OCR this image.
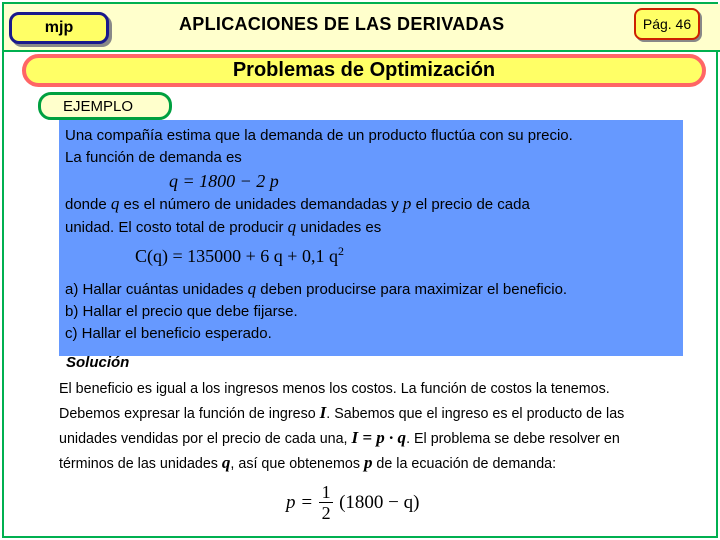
mjp	APLICACIONES DE LAS DERIVADAS	Pág. 46
Problemas de Optimización
EJEMPLO
Una compañía estima que la demanda de un producto fluctúa con su precio.
La función de demanda es
q = 1800 − 2 p
donde q es el número de unidades demandadas y p el precio de cada
unidad. El costo total de producir q unidades es
C(q) = 135000 + 6 q + 0,1 $q^2$
a) Hallar cuántas unidades q deben producirse para maximizar el beneficio.
b) Hallar el precio que debe fijarse.
c) Hallar el beneficio esperado.
Solución
El beneficio es igual a los ingresos menos los costos. La función de costos la tenemos.
Debemos expresar la función de ingreso I. Sabemos que el ingreso es el producto de las
unidades vendidas por el precio de cada una, I = p · q. El problema se debe resolver en
términos de las unidades q, así que obtenemos p de la ecuación de demanda:
$p = \frac{1}{2} (1800 - q)$
